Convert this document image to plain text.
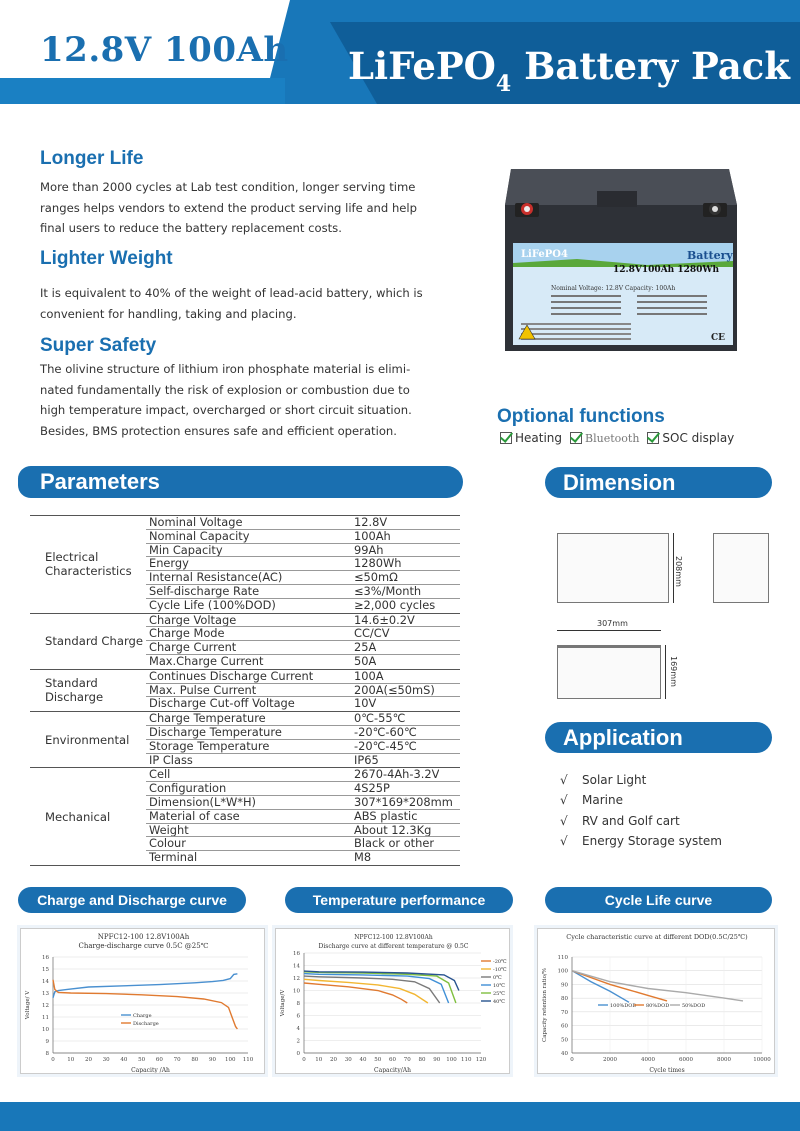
12.8V 100Ah LiFePO$_4$ Battery Pack
Longer Life
More than 2000 cycles at Lab test condition, longer serving time
ranges helps vendors to extend the product serving life and help
final users to reduce the battery replacement costs.
Lighter Weight
It is equivalent to 40% of the weight of lead-acid battery, which is
convenient for handling, taking and placing.
Super Safety
The olivine structure of lithium iron phosphate material is elimi-
nated fundamentally the risk of explosion or combustion due to
high temperature impact, overcharged or short circuit situation.
Besides, BMS protection ensures safe and efficient operation.
LiFePO4	Battery
12.8V100Ah 1280Wh
Nominal Voltage: 12.8V Capacity: 100Ah
CE
Optional functions
Heating	Bluetooth	SOC display
Parameters	Dimension
Application
Electrical Characteristics
Nominal Voltage	12.8V
Nominal Capacity	100Ah
Min Capacity	99Ah
Energy	1280Wh
Internal Resistance(AC)	≤50mΩ
Self-discharge Rate	≤3%/Month
Cycle Life (100%DOD)	≥2,000 cycles
Standard Charge
Charge Voltage	14.6±0.2V
Charge Mode	CC/CV
Charge Current	25A
Max.Charge Current	50A
Standard Discharge
Continues Discharge Current	100A
Max. Pulse Current	200A(≤50mS)
Discharge Cut-off Voltage	10V
Environmental
Charge Temperature	0℃-55℃
Discharge Temperature	-20℃-60℃
Storage Temperature	-20℃-45℃
IP Class	IP65
Mechanical
Cell	2670-4Ah-3.2V
Configuration	4S25P
Dimension(L*W*H)	307*169*208mm
Material of case	ABS plastic
Weight	About 12.3Kg
Colour	Black or other
Terminal	M8
208mm
307mm
169mm
√ Solar Light
√ Marine
√ RV and Golf cart
√ Energy Storage system
Charge and Discharge curve	Temperature performance	Cycle Life curve
NPFC12-100 12.8V100Ah
Charge-discharge curve 0.5C @25℃
8
9
10
11
12
13
14
15
16
0 10 20 30 40 50 60 70 80 90 100 110
Capacity /Ah
Voltage/ V	Charge
Discharge
NPFC12-100 12.8V100Ah
Discharge curve at different temperature @ 0.5C
0
2
4
6
8
10
12
14
16
0 10 20 30 40 50 60 70 80 90 100 110 120
Capacity/Ah
Voltage/V
-20℃
-10℃
0℃
10℃
25℃
40℃
Cycle characteristic curve at different DOD(0.5C/25℃)
40
50
60
70
80
90
100
110
0	2000	4000	6000	8000	10000
Cycle times
Capacity retention ratio/%	100%DOD 80%DOD	50%DOD
